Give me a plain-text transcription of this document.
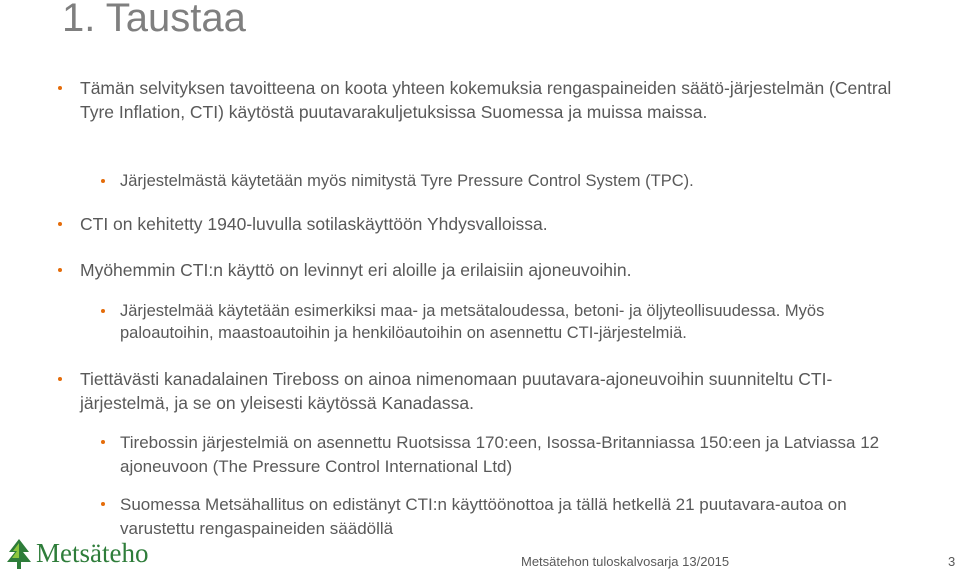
1. Taustaa
Tämän selvityksen tavoitteena on koota yhteen kokemuksia rengaspaineiden säätö-järjestelmän (Central Tyre Inflation, CTI) käytöstä puutavarakuljetuksissa Suomessa ja muissa maissa.
Järjestelmästä käytetään myös nimitystä Tyre Pressure Control System (TPC).
CTI on kehitetty 1940-luvulla sotilaskäyttöön Yhdysvalloissa.
Myöhemmin CTI:n käyttö on levinnyt eri aloille ja erilaisiin ajoneuvoihin.
Järjestelmää käytetään esimerkiksi maa- ja metsätaloudessa, betoni- ja öljyteollisuudessa. Myös paloautoihin, maastoautoihin ja henkilöautoihin on asennettu CTI-järjestelmiä.
Tiettävästi kanadalainen Tireboss on ainoa nimenomaan puutavara-ajoneuvoihin suunniteltu CTI-järjestelmä, ja se on yleisesti käytössä Kanadassa.
Tirebossin järjestelmiä on asennettu Ruotsissa 170:een, Isossa-Britanniassa 150:een ja Latviassa 12 ajoneuvoon (The Pressure Control International Ltd)
Suomessa Metsähallitus on edistänyt CTI:n käyttöönottoa ja tällä hetkellä 21 puutavara-autoa on varustettu rengaspaineiden säädöllä
Metsäteho	Metsätehon tuloskalvosarja 13/2015	3
